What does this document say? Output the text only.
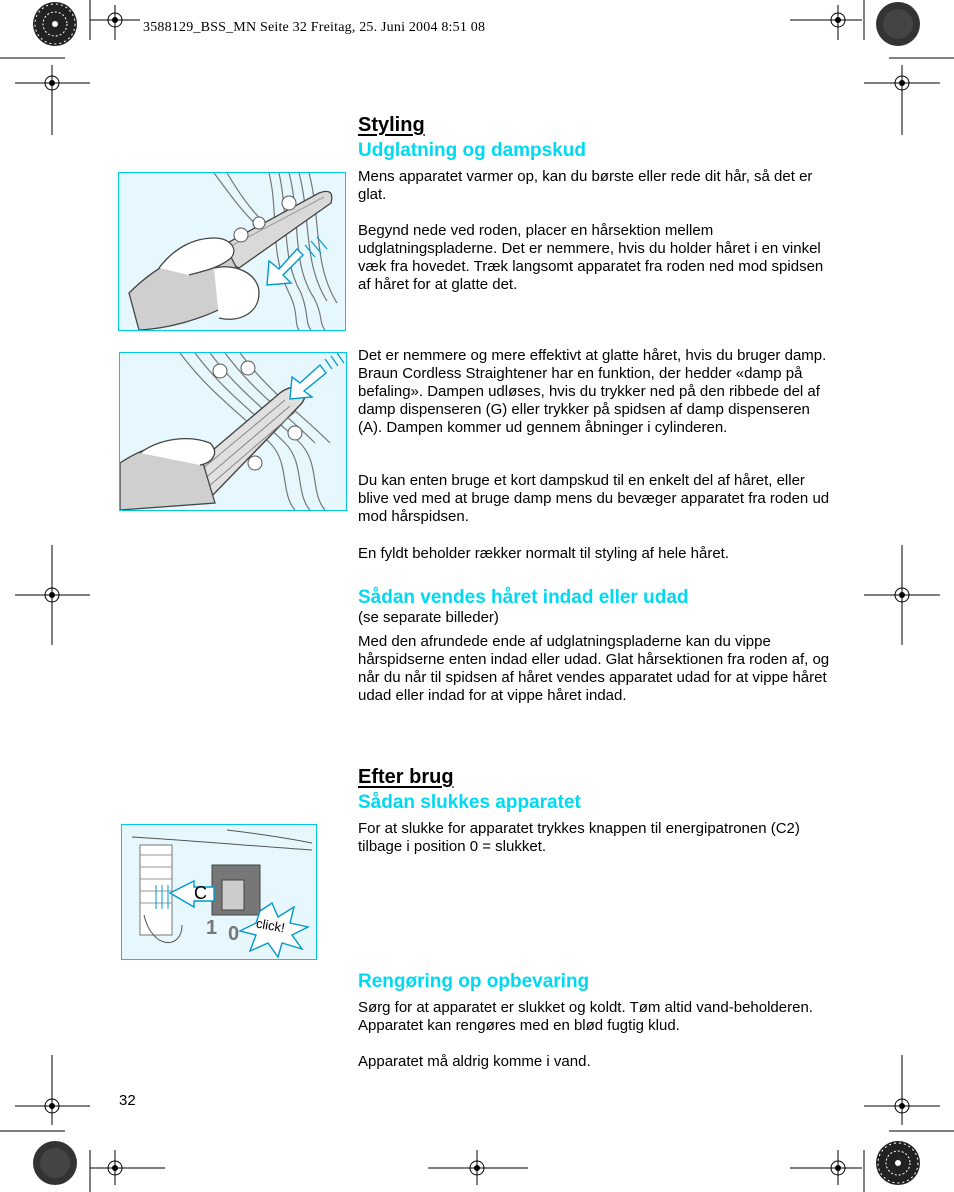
3588129_BSS_MN Seite 32 Freitag, 25. Juni 2004 8:51 08
C
1 0 click!
Styling
Udglatning og dampskud

Mens apparatet varmer op, kan du børste eller rede dit hår, så det er glat.

Begynd nede ved roden, placer en hårsektion mellem udglatningspladerne. Det er nemmere, hvis du holder håret i en vinkel væk fra hovedet. Træk langsomt apparatet fra roden ned mod spidsen af håret for at glatte det.

Det er nemmere og mere effektivt at glatte håret, hvis du bruger damp. Braun Cordless Straightener har en funktion, der hedder «damp på befaling». Dampen udløses, hvis du trykker ned på den ribbede del af damp dispenseren (G) eller trykker på spidsen af damp dispenseren (A). Dampen kommer ud gennem åbninger i cylinderen.

Du kan enten bruge et kort dampskud til en enkelt del af håret, eller blive ved med at bruge damp mens du bevæger apparatet fra roden ud mod hårspidsen.

En fyldt beholder rækker normalt til styling af hele håret.

Sådan vendes håret indad eller udad

(se separate billeder)

Med den afrundede ende af udglatningspladerne kan du vippe hårspidserne enten indad eller udad. Glat hårsektionen fra roden af, og når du når til spidsen af håret vendes apparatet udad for at vippe håret udad eller indad for at vippe håret indad.

Efter brug
Sådan slukkes apparatet

For at slukke for apparatet trykkes knappen til energipatronen (C2) tilbage i position 0 = slukket.

Rengøring op opbevaring

Sørg for at apparatet er slukket og koldt. Tøm altid vand-beholderen. Apparatet kan rengøres med en blød fugtig klud.

Apparatet må aldrig komme i vand.

32
